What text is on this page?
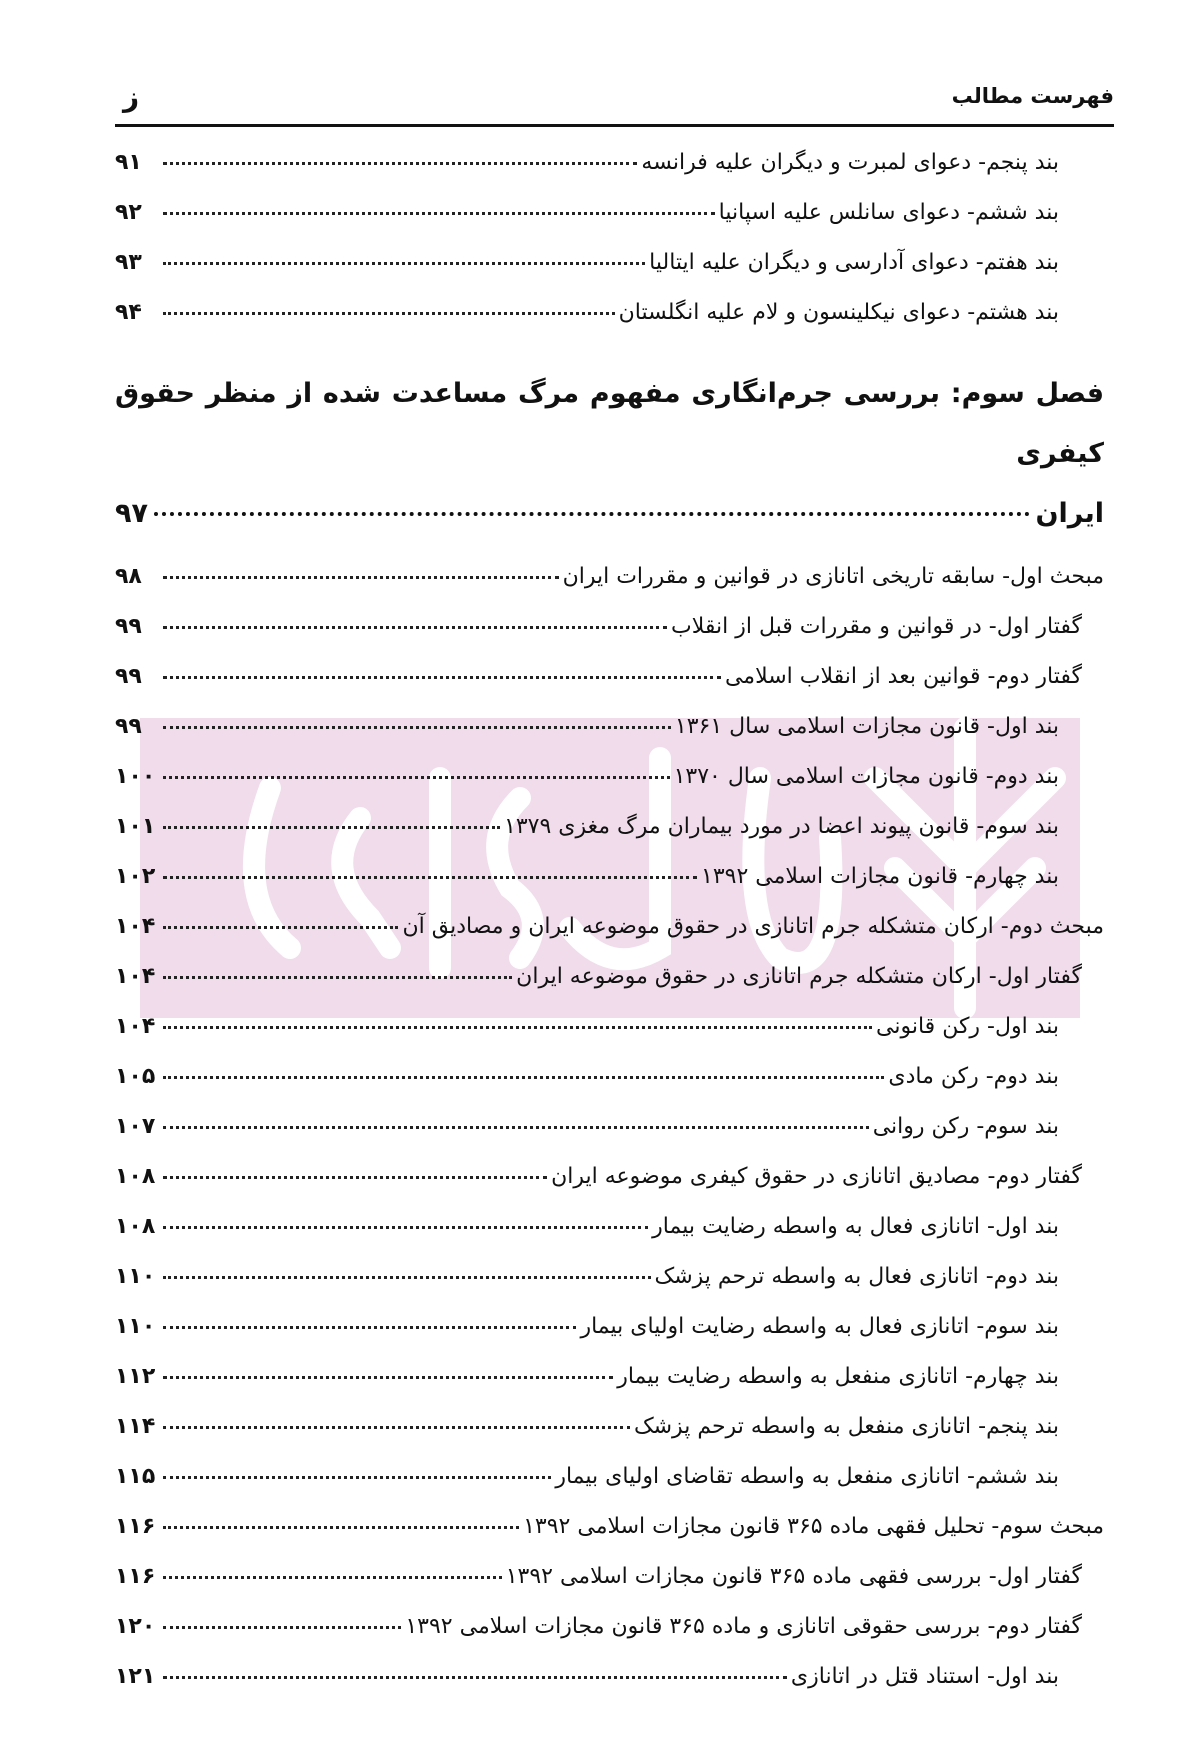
فهرست مطالب
ز
بند پنجم- دعوای لمبرت و دیگران علیه فرانسه
۹۱
بند ششم- دعوای سانلس علیه اسپانیا
۹۲
بند هفتم- دعوای آدارسی و دیگران علیه ایتالیا
۹۳
بند هشتم- دعوای نیکلینسون و لام علیه انگلستان
۹۴
فصل سوم: بررسی جرم‌انگاری مفهوم مرگ مساعدت شده از منظر حقوق کیفری
ایران
۹۷
مبحث اول- سابقه تاریخی اتانازی در قوانین و مقررات ایران
۹۸
گفتار اول- در قوانین و مقررات قبل از انقلاب
۹۹
گفتار دوم- قوانین بعد از انقلاب اسلامی
۹۹
بند اول- قانون مجازات اسلامی سال ۱۳۶۱
۹۹
بند دوم- قانون مجازات اسلامی سال ۱۳۷۰
۱۰۰
بند سوم- قانون پیوند اعضا در مورد بیماران مرگ مغزی ۱۳۷۹
۱۰۱
بند چهارم- قانون مجازات اسلامی ۱۳۹۲
۱۰۲
مبحث دوم- ارکان متشکله جرم اتانازی در حقوق موضوعه ایران و مصادیق آن
۱۰۴
گفتار اول- ارکان متشکله جرم اتانازی در حقوق موضوعه ایران
۱۰۴
بند اول- رکن قانونی
۱۰۴
بند دوم- رکن مادی
۱۰۵
بند سوم- رکن روانی
۱۰۷
گفتار دوم- مصادیق اتانازی در حقوق کیفری موضوعه ایران
۱۰۸
بند اول- اتانازی فعال به واسطه رضایت بیمار
۱۰۸
بند دوم- اتانازی فعال به واسطه ترحم پزشک
۱۱۰
بند سوم- اتانازی فعال به واسطه رضایت اولیای بیمار
۱۱۰
بند چهارم- اتانازی منفعل به واسطه رضایت بیمار
۱۱۲
بند پنجم- اتانازی منفعل به واسطه ترحم پزشک
۱۱۴
بند ششم- اتانازی منفعل به واسطه تقاضای اولیای بیمار
۱۱۵
مبحث سوم- تحلیل فقهی ماده ۳۶۵ قانون مجازات اسلامی ۱۳۹۲
۱۱۶
گفتار اول- بررسی فقهی ماده ۳۶۵ قانون مجازات اسلامی ۱۳۹۲
۱۱۶
گفتار دوم- بررسی حقوقی اتانازی و ماده ۳۶۵ قانون مجازات اسلامی ۱۳۹۲
۱۲۰
بند اول- استناد قتل در اتانازی
۱۲۱
